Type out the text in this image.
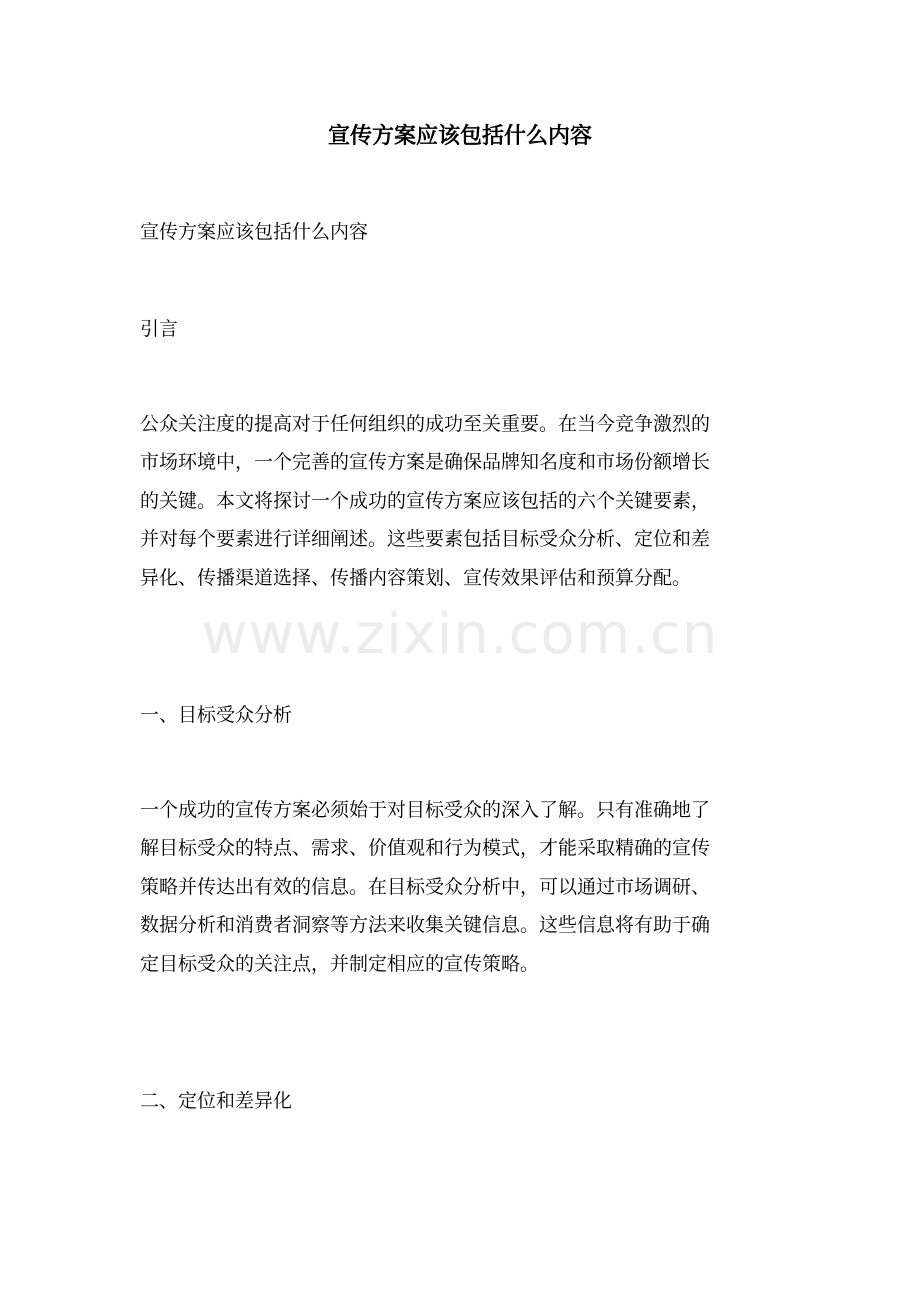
www.zixin.com.cn
宣传方案应该包括什么内容

宣传方案应该包括什么内容

引言

公众关注度的提高对于任何组织的成功至关重要。在当今竞争激烈的
市场环境中，一个完善的宣传方案是确保品牌知名度和市场份额增长
的关键。本文将探讨一个成功的宣传方案应该包括的六个关键要素，
并对每个要素进行详细阐述。这些要素包括目标受众分析、定位和差
异化、传播渠道选择、传播内容策划、宣传效果评估和预算分配。

一、目标受众分析

一个成功的宣传方案必须始于对目标受众的深入了解。只有准确地了
解目标受众的特点、需求、价值观和行为模式，才能采取精确的宣传
策略并传达出有效的信息。在目标受众分析中，可以通过市场调研、
数据分析和消费者洞察等方法来收集关键信息。这些信息将有助于确
定目标受众的关注点，并制定相应的宣传策略。

二、定位和差异化
